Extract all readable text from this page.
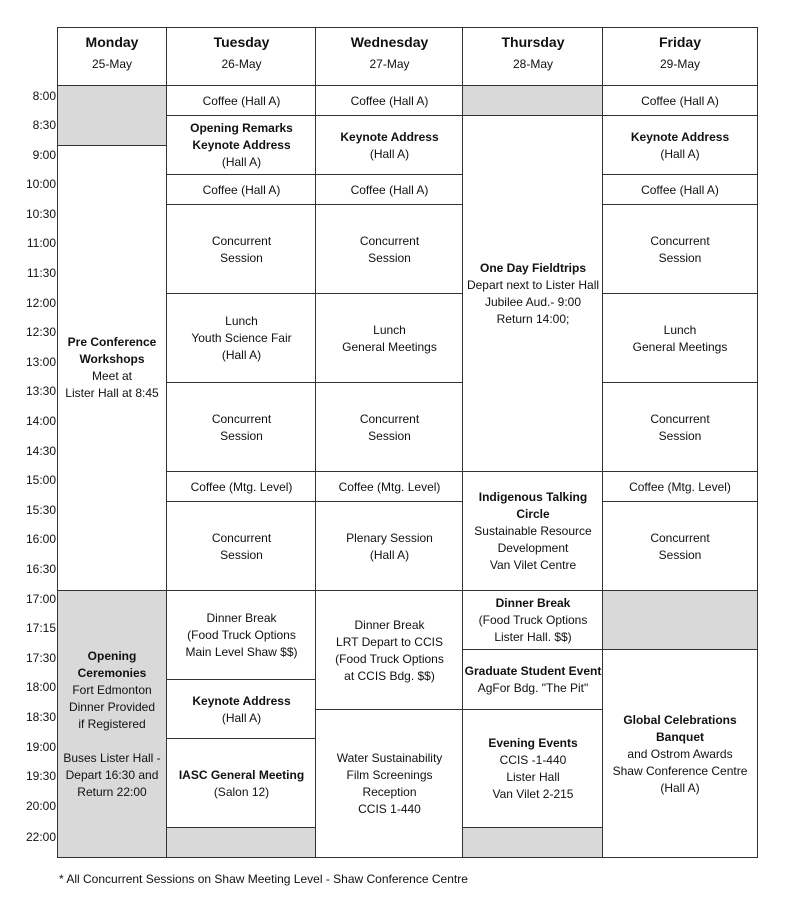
Monday
25-May
Tuesday
26-May
Wednesday
27-May
Thursday
28-May
Friday
29-May
8:00
8:30
9:00
10:00
10:30
11:00
11:30
12:00
12:30
13:00
13:30
14:00
14:30
15:00
15:30
16:00
16:30
17:00
17:15
17:30
18:00
18:30
19:00
19:30
20:00
22:00
Pre Conference
Workshops
Meet at
Lister Hall at 8:45
Opening
Ceremonies
Fort Edmonton
Dinner Provided
if Registered
Buses Lister Hall -
Depart 16:30 and
Return 22:00
Coffee (Hall A)
Opening Remarks
Keynote Address
(Hall A)
Coffee (Hall A)
Concurrent
Session
Lunch
Youth Science Fair
(Hall A)
Concurrent
Session
Coffee (Mtg. Level)
Concurrent
Session
Dinner Break
(Food Truck Options
Main Level Shaw $$)
Keynote Address
(Hall A)
IASC General Meeting
(Salon 12)
Coffee (Hall A)
Keynote Address
(Hall A)
Coffee (Hall A)
Concurrent
Session
Lunch
General Meetings
Concurrent
Session
Coffee (Mtg. Level)
Plenary Session
(Hall A)
Dinner Break
LRT Depart to CCIS
(Food Truck Options
at CCIS Bdg. $$)
Water Sustainability
Film Screenings
Reception
CCIS 1-440
One Day Fieldtrips
Depart next to Lister Hall
Jubilee Aud.- 9:00
Return 14:00;
Indigenous Talking Circle
Sustainable Resource
Development
Van Vilet Centre
Dinner Break
(Food Truck Options
Lister Hall. $$)
Graduate Student Event
AgFor Bdg. "The Pit"
Evening Events
CCIS -1-440
Lister Hall
Van Vilet 2-215
Coffee (Hall A)
Keynote Address
(Hall A)
Coffee (Hall A)
Concurrent
Session
Lunch
General Meetings
Concurrent
Session
Coffee (Mtg. Level)
Concurrent
Session
Global Celebrations
Banquet
and Ostrom Awards
Shaw Conference Centre
(Hall A)
* All Concurrent Sessions on Shaw Meeting Level - Shaw Conference Centre
